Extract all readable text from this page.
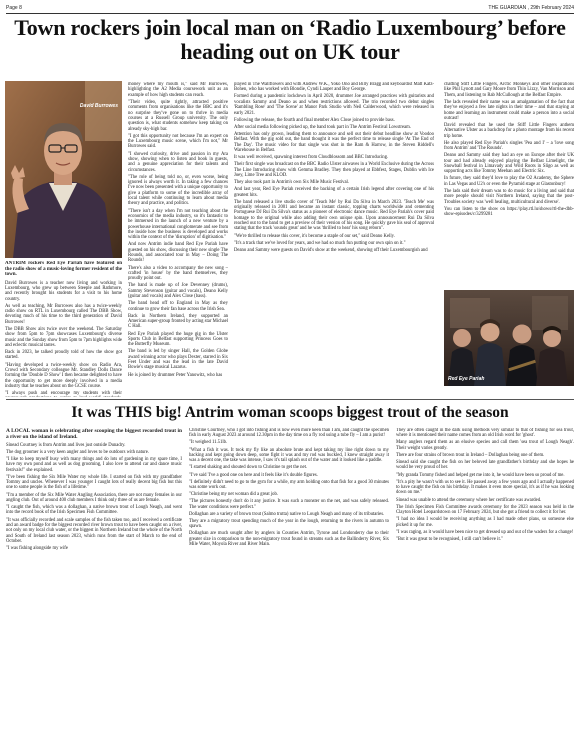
Page 8	THE GUARDIAN , 29th February 2024
Town rockers join local man on ‘Radio Luxembourg’ before heading out on UK tour
David Burrowes

ANTRIM rockers Red Eye Pariah have featured on the radio show of a music-loving former resident of the town.

David Burrowes is a teacher now living and working in Luxembourg, who grew up between Steeple and Rathmore, and recently brought his students for a visit to his home country.

As well as teaching, Mr Burrowes also has a twice-weekly radio show on RTL in Luxembourg called The DBB Show, devoting much of his time to the third generation of David Burrowes!

The DBB Show airs twice over the weekend. The Saturday show from 5pm to 7pm showcases Luxembourg's diverse music and the Sunday show from 5pm to 7pm highlights wide and eclectic musical tastes.

Back in 2023, he talked proudly told of how the show got started.

"Having developed a twice-weekly show on Radio Ara, Crowd with Secondary colleague Mr. Standley Dolls Dance forming the 'Double D Show' I then became delighted to have the opportunity to get more deeply involved in a media industry that he teaches about on the GCSE course.

"I always push and encourage my students with their

money where my mouth is," said Mr Burrowes, highlighting the A2 Media coursework unit as an example of how high students can reach.

"Their video, quite rightly, attracted positive comments from organisations like the BBC and it's no surprise they've gone on to thrive in media courses at a Russell Group university. The only question is, what students somehow keep taking on already sky-high bar.

"I got this opportunity not because I'm an expert on the Luxembourg music scene, which I'm not," Mr Burrowes said.

"I showed curiosity, drive and passion in my Ara show, showing when to listen and book in guests, and a genuine appreciation for their talents and circumstances.

"The role of being told no, or, even worse, being ignored is always worth it. In taking a few chances I've now been presented with a unique opportunity to give a platform to some of the incredible array of local talent while continuing to learn about media theory and practice, and politics.

"There isn't a day when I'm not teaching about the economics of the media industry, so it's fantastic to be immersed in the launch of a new venture by a powerhouse international conglomerate and see from the inside how the business is developed and works within the context of the 'disruption' of digitisation."

And now Antrim indie band Red Eye Pariah have guested on his show, discussing their new single The Rounds, and associated tour in May – Doing The Rounds!

There's also a video to accompany the new song – crafted 'in house' by the band themselves, they proudly point out.

The band is made up of Joe Devenney (drums), Sammy Stevenson (guitar and vocals), Deano Kelly (guitar and vocals) and Alex Close (bass).

The band head off to England in May as they continue to grow their fan base across the Irish Sea.

Back in Northern Ireland, they supported an American super-group fronted by acting star Michael C Hall.

Red Eye Pariah played the huge gig in the Ulster Sports Club in Belfast supporting Princess Goes to the Butterfly Museum.

The band is led by singer Hall, the Golden Globe award winning actor who plays Dexter, starred in Six Feet Under and was the lead in the late David Bowie's stage musical Lazarus.

He is joined by drummer Peter Yanowitz, who has

played in The Wallflowers and with Andrew W.K., Yoko Ono and Billy Bragg and keyboardist Matt Katz-Bohen, who has worked with Blondie, Cyndi Lauper and Boy George.

Formed during a pandemic lockdown in April 2020, drummer Joe arranged practices with guitarists and vocalists Sammy and Deano as and when restrictions allowed. The trio recorded two debut singles 'Rambling Rose' and 'The Scene' at Manor Park Studio with Neil Calderwood, which were released in early 2021.

Following the release, the fourth and final member Alex Close joined to provide bass.

After social media following picked up, the band took part in The Antrim Festival Lowstream.

Attention has only grown, leading them to announce and sell out their debut headline show at Voodoo Belfast. With the gig sold out, the band thought it was the perfect time to release single 'At The End of The Day'. The music video for that single was shot in the Ram & Harrow, in the Steven Riddell's Warehouse in Belfast.

It was well received, spawning interest from Cloudblossom and BBC Introducing.

Their first single was broadcast on the BBC Radio Ulster airwaves in a World Exclusive during the Across The Line Introducing show with Gemma Bradley. They then played at Ebbfest, Stages, Dublin with Ice Joey, Lime Tree and KLOD.

They also took part in Antrim's own Six Mile Music Festival.

And last year, Red Eye Pariah received the backing of a certain Irish legend after covering one of his greatest hits.

The band released a live studio cover of 'Teach Me' by Rui Da Silva in March 2023. 'Teach Me' was originally released in 2001 and became an instant classic, topping charts worldwide and cementing Portuguese DJ Rui Da Silva's status as a pioneer of electronic dance music. Red Eye Pariah's cover paid homage to the original while also adding their own unique spin. Upon announcement Rui Da Silva reached out to the band to get a preview of their version of his song. He quickly gave his seal of approval stating that the track 'sounds great' and he was 'thrilled to hear' his song reborn".

"We're thrilled to release this cover, it's become a staple of our set," said Deano Kelly.

"It's a track that we've loved for years, and we had so much fun putting our own spin on it."

Deano and Sammy were guests on David's show at the weekend, showing off their Luxembourgish and

chatting Stiff Little Fingers, Arctic Monkeys and other inspirations like Phil Lynott and Gary Moore from Thin Lizzy, Van Morrison and Them, and listening to Rab McCullough at the Belfast Empire.

The lads revealed their name was an amalgamation of the fact that they've enjoyed a few late nights in their time – and that staying at home and learning an instrument could make a person into a social outcast!

David revealed that he used the Stiff Little Fingers anthem Alternative Ulster as a backdrop for a photo montage from his recent trip home.

He also played Red Eye Pariah's singles 'Pea and I' – a 'love song from Antrim' and 'The Rounds'.

Deano and Sammy said they had an eye on Europe after their UK tour and had already enjoyed playing the Belfast Limelight, the Snowball festival in Limavady and Wild Roots in Sligo as well as supporting acts like Tommy Meehan and Electric Six.

In future, they said they'd love to play the O2 Academy, the Sphere in Las Vegas and U2's or even the Pyramid stage at Glastonbury!

The lads said their dream was to do music for a living and said that more people should visit Northern Ireland, saying that the post-Troubles society was 'well healing, multicultural and diverse'.

You can listen to the show on https://play.rtl.lu/shows/rtl-the-dbb-show-episodes/c/3299281

Red Eye Pariah
It was THIS big! Antrim woman scoops biggest trout of the season

A LOCAL woman is celebrating after scooping the biggest recorded trout in a river on the island of Ireland.

Sinead Courtney is from Antrim and lives just outside Dunadry.

The dog groomer is a very keen angler and loves to be outdoors with nature.

"I like to keep myself busy with many things and do lots of gardening in my spare time, I have my own pond and as well as dog grooming, I also love to attend car and dance music festivals!" she explained.

"I've been fishing the Six Mile Water my whole life. I started on fish with my grandfather Tommy and uncles. Whenever I was younger I caught lots of really decent big fish but this one to some people is the fish of a lifetime."

"I'm a member of the Six Mile Water Angling Association, there are not many females in our angling club. Out of around 400 club members I think only three of us are female.

"I caught the fish, which was a dollaghan, a native brown trout of Lough Neagh, and went into the record book of the Irish Specimen Fish Committee.

"It was officially recorded and scale samples of the fish taken too, and I received a certificate and an award badge for the biggest recorded river brown trout to have been caught on a river, not only on my local club water, or the biggest in Northern Ireland but the whole of the North and South of Ireland last season 2023, which runs from the start of March to the end of October.

"I was fishing alongside my wife

Christine Courtney, who I got into fishing and is now even more keen than I am, and caught the specimen fish in early August 2023 at around 12.30pm in the day time on a fly rod using a tube fly – I am a purist!

"It weighed 11.51lb.

"What a fish it was. It took my fly like an absolute brute and kept taking my line right down to my backing and kept going down deep, some fight it was and my rod was buckled, I knew straight away it was a decent one, the take was intense, I saw it's tail splash out of the water and it looked like a paddle.

"I started shaking and shouted down to Christine to get the net.

"I've said 'I've a good one on here and it feels like it's double figures.

"I definitely didn't need to go to the gym for a while, my arm holding onto that fish for a good 30 minutes was some work out.

"Christine being my net woman did a great job.

"The pictures honestly don't do it any justice. It was such a monster on the net, and was safely released. The water conditions were perfect."

Dollaghan are a variety of brown trout (Salmo trutta) native to Lough Neagh and many of its tributaries.

They are a migratory trout spending much of the year in the lough, returning to the rivers in autumn to spawn.

Dollaghan are much sought after by anglers in Counties Antrim, Tyrone and Londonderry due to their greater size in comparison to the non-migratory trout found in streams such as the Ballinderry River, Six Mile Water, Moyola River and River Main.

They are often caught in the dark using methods very similar to that of fishing for sea trout, where it is mentioned their name comes from an old Irish word for 'ghost'.

Many anglers regard them as an elusive species and call them 'sea trout of Lough Neagh'. Their weight varies greatly.

There are four strains of brown trout in Ireland – Dollaghan being one of them.

Sinead said she caught the fish on her beloved late grandfather's birthday and she hopes he would be very proud of her.

"My granda Tommy fished and helped get me into it, he would have been so proud of me.

"It's a pity he wasn't with us to see it. He passed away a few years ago and I actually happened to have caught the fish on his birthday. It makes it even more special, it's as if he was looking down on me."

Sinead was unable to attend the ceremony where her certificate was awarded.

The Irish Specimen Fish Committee awards ceremony for the 2023 season was held in the Clayton Hotel Leopardstown on 17 February 2024, but she got a friend to collect it for her.

"I had no idea I would be receiving anything as I had made other plans, so someone else picked it up for me.

"I was raging, as it would have been nice to get dressed up and out of the waders for a change!

"But it was great to be recognised, I still can't believe it."
